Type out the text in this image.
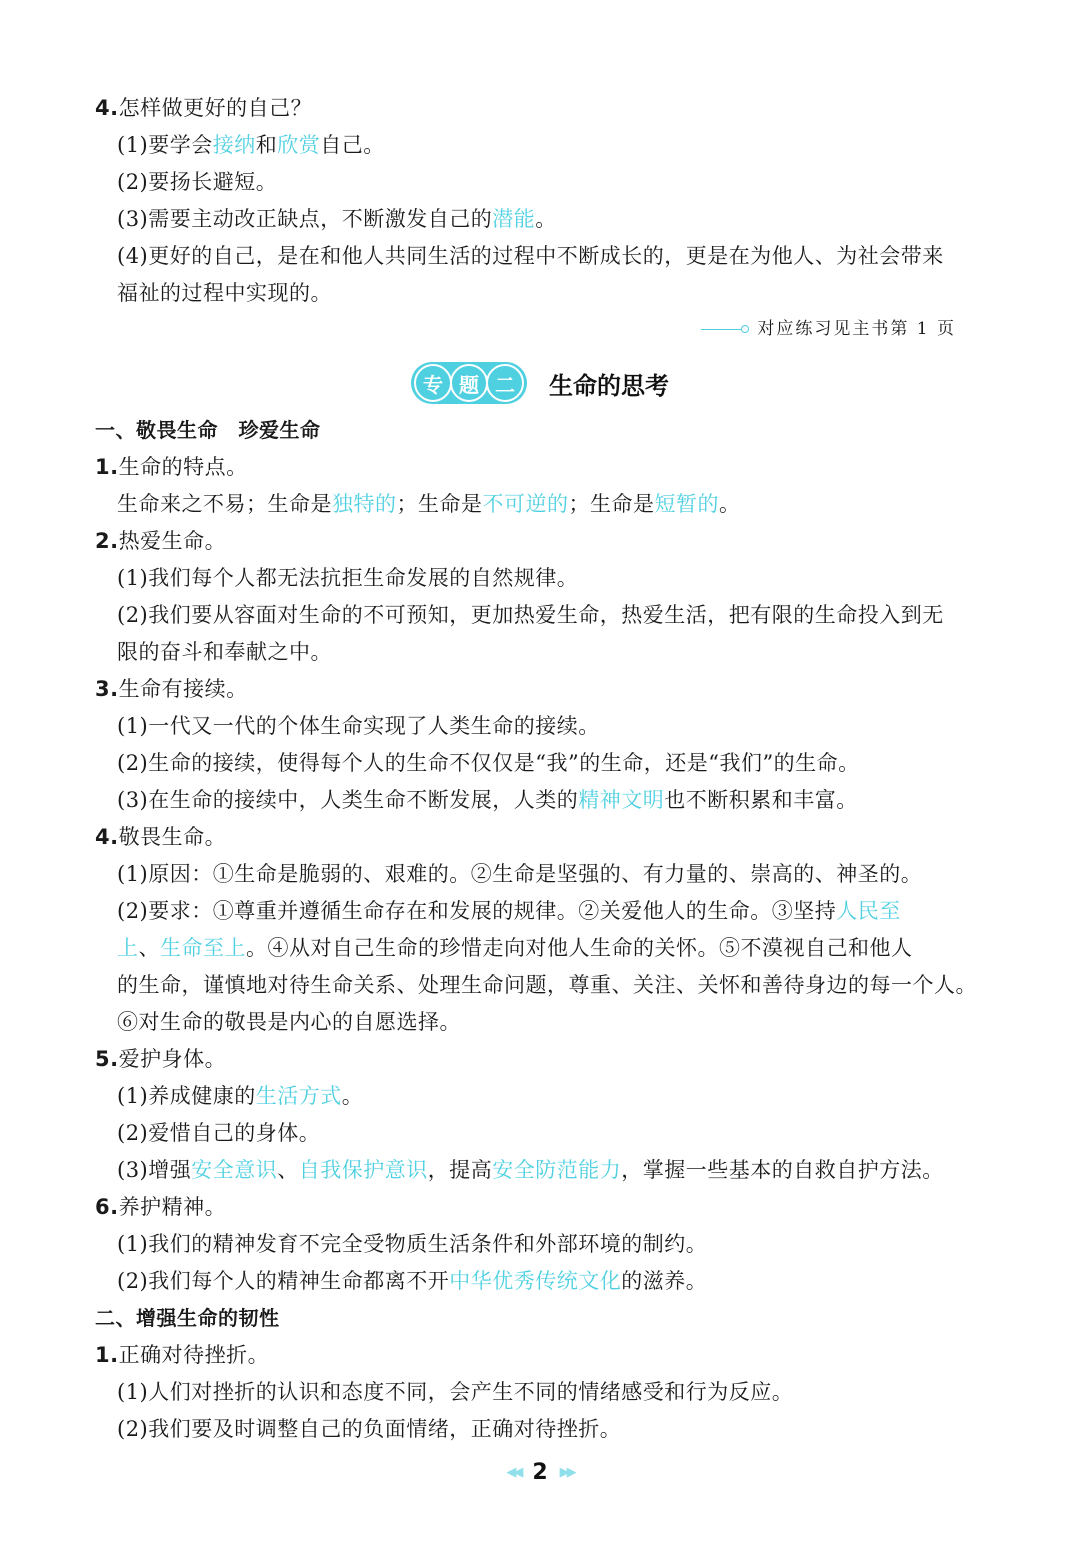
4.怎样做更好的自己？
(1)要学会接纳和欣赏自己。
(2)要扬长避短。
(3)需要主动改正缺点，不断激发自己的潜能。
(4)更好的自己，是在和他人共同生活的过程中不断成长的，更是在为他人、为社会带来
福祉的过程中实现的。
对应练习见主书第 1 页
专 题 二	生命的思考
一、敬畏生命　珍爱生命
1.生命的特点。
生命来之不易；生命是独特的；生命是不可逆的；生命是短暂的。
2.热爱生命。
(1)我们每个人都无法抗拒生命发展的自然规律。
(2)我们要从容面对生命的不可预知，更加热爱生命，热爱生活，把有限的生命投入到无
限的奋斗和奉献之中。
3.生命有接续。
(1)一代又一代的个体生命实现了人类生命的接续。
(2)生命的接续，使得每个人的生命不仅仅是“我”的生命，还是“我们”的生命。
(3)在生命的接续中，人类生命不断发展，人类的精神文明也不断积累和丰富。
4.敬畏生命。
(1)原因：①生命是脆弱的、艰难的。②生命是坚强的、有力量的、崇高的、神圣的。
(2)要求：①尊重并遵循生命存在和发展的规律。②关爱他人的生命。③坚持人民至
上、生命至上。④从对自己生命的珍惜走向对他人生命的关怀。⑤不漠视自己和他人
的生命，谨慎地对待生命关系、处理生命问题，尊重、关注、关怀和善待身边的每一个人。
⑥对生命的敬畏是内心的自愿选择。
5.爱护身体。
(1)养成健康的生活方式。
(2)爱惜自己的身体。
(3)增强安全意识、自我保护意识，提高安全防范能力，掌握一些基本的自救自护方法。
6.养护精神。
(1)我们的精神发育不完全受物质生活条件和外部环境的制约。
(2)我们每个人的精神生命都离不开中华优秀传统文化的滋养。
二、增强生命的韧性
1.正确对待挫折。
(1)人们对挫折的认识和态度不同，会产生不同的情绪感受和行为反应。
(2)我们要及时调整自己的负面情绪，正确对待挫折。
◀◀ 2 ▶▶
